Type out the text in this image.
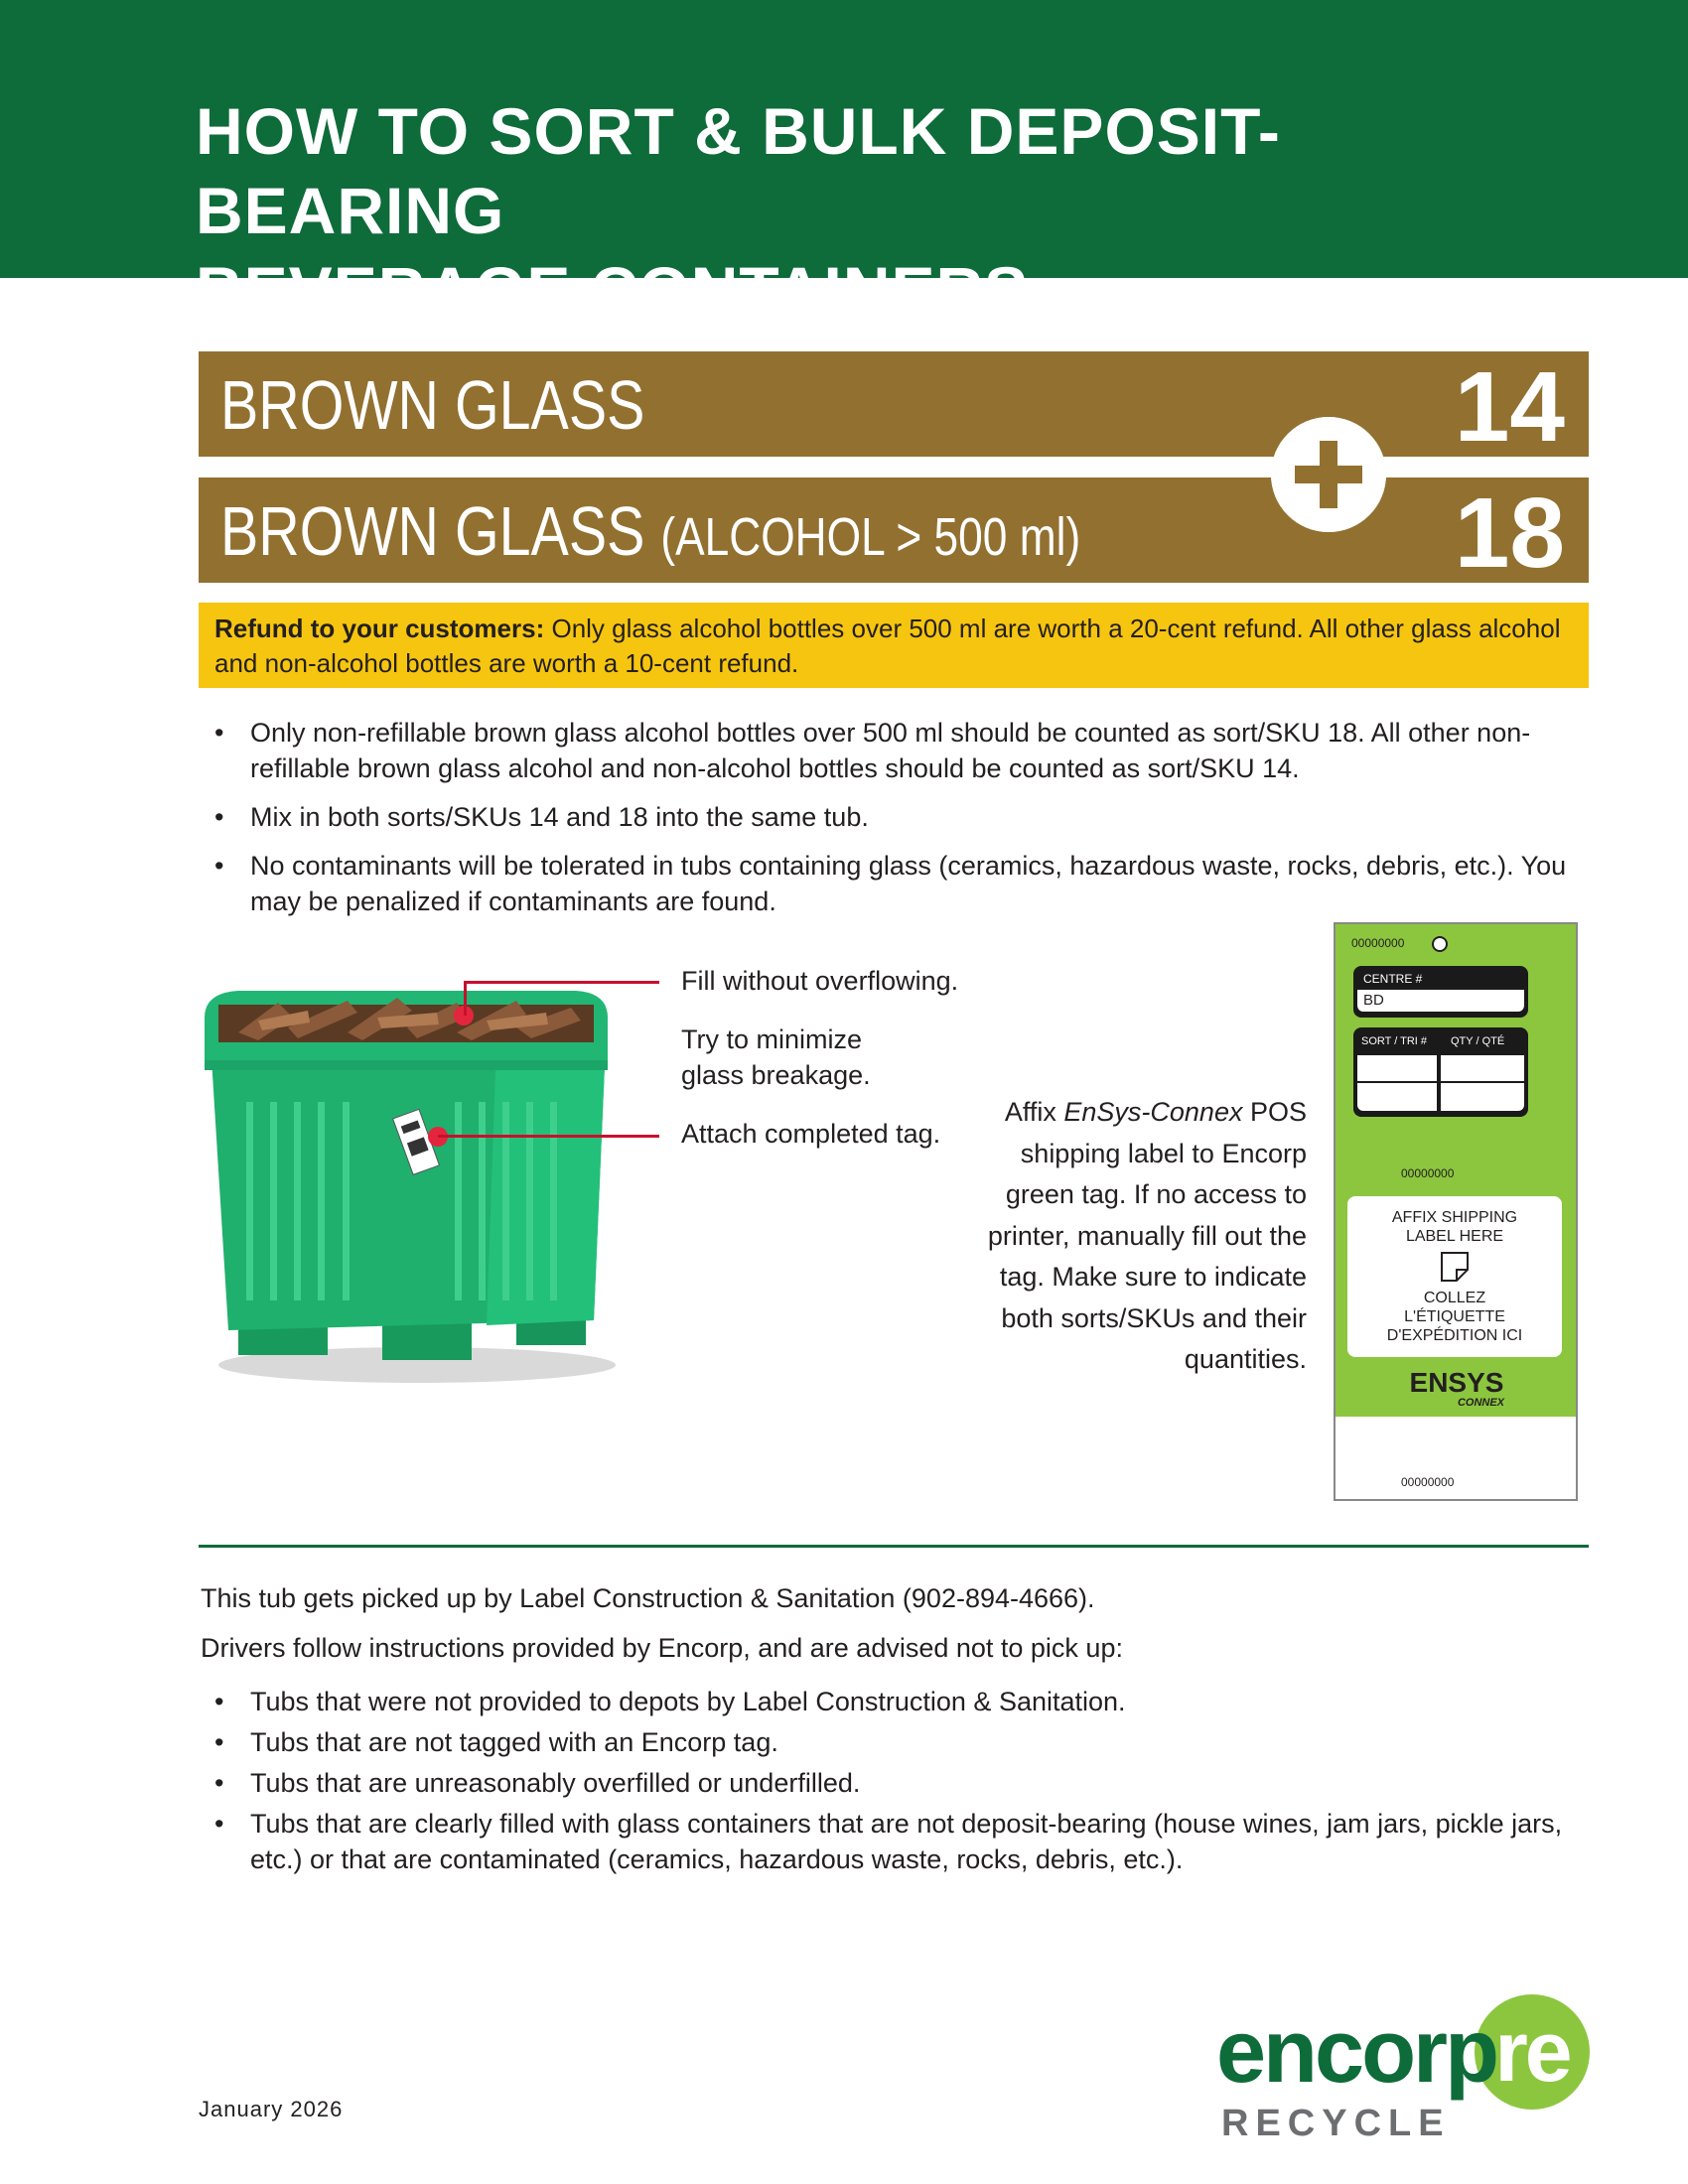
HOW TO SORT & BULK DEPOSIT-BEARING
BEVERAGE CONTAINERS
BROWN GLASS	14
BROWN GLASS (ALCOHOL > 500 ml)	18
Refund to your customers: Only glass alcohol bottles over 500 ml are worth a 20-cent refund. All other glass alcohol and non-alcohol bottles are worth a 10-cent refund.
• Only non-refillable brown glass alcohol bottles over 500 ml should be counted as sort/SKU 18. All other non-refillable brown glass alcohol and non-alcohol bottles should be counted as sort/SKU 14.
• Mix in both sorts/SKUs 14 and 18 into the same tub.
• No contaminants will be tolerated in tubs containing glass (ceramics, hazardous waste, rocks, debris, etc.). You may be penalized if contaminants are found.
Fill without overflowing.
Try to minimize
glass breakage.
Attach completed tag.
Affix EnSys-Connex POS shipping label to Encorp green tag. If no access to printer, manually fill out the tag. Make sure to indicate both sorts/SKUs and their quantities.
00000000
CENTRE #
BD
SORT / TRI # QTY / QTÉ
00000000
AFFIX SHIPPING
LABEL HERE
COLLEZ
L'ÉTIQUETTE
D'EXPÉDITION ICI
ENSYS
CONNEX
00000000
This tub gets picked up by Label Construction & Sanitation (902-894-4666).
Drivers follow instructions provided by Encorp, and are advised not to pick up:
• Tubs that were not provided to depots by Label Construction & Sanitation.
• Tubs that are not tagged with an Encorp tag.
• Tubs that are unreasonably overfilled or underfilled.
• Tubs that are clearly filled with glass containers that are not deposit-bearing (house wines, jam jars, pickle jars, etc.) or that are contaminated (ceramics, hazardous waste, rocks, debris, etc.).
January 2026
encorp
re
RECYCLE
